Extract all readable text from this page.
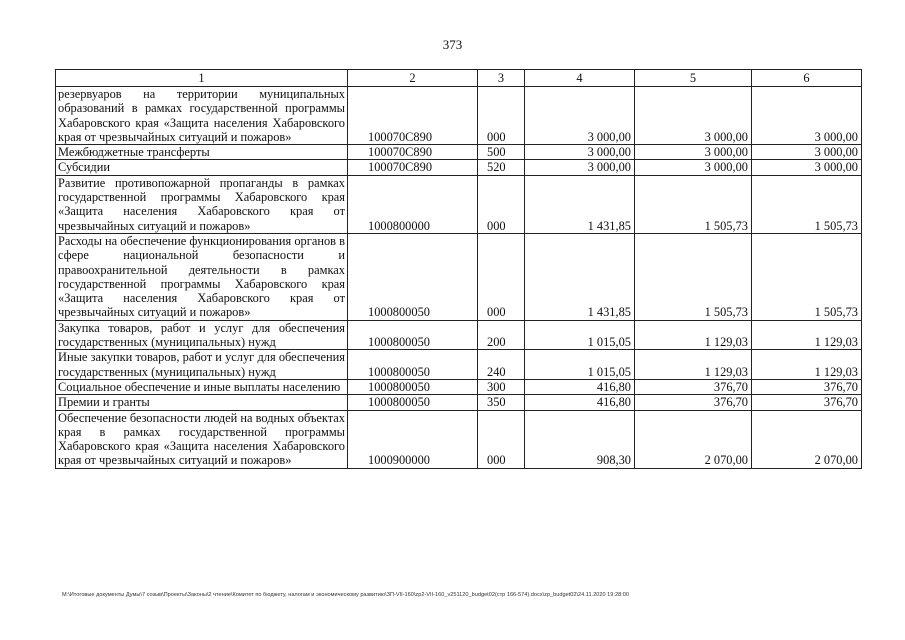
373
1	2	3	4	5	6
резервуаров на территории муниципальных образований в рамках государственной программы Хабаровского края «Защита населения Хабаровского края от чрезвычайных ситуаций и пожаров»	100070С890	000	3 000,00	3 000,00	3 000,00
Межбюджетные трансферты	100070С890	500	3 000,00	3 000,00	3 000,00
Субсидии	100070С890	520	3 000,00	3 000,00	3 000,00
Развитие противопожарной пропаганды в рамках государственной программы Хабаровского края «Защита населения Хабаровского края от чрезвычайных ситуаций и пожаров»	1000800000	000	1 431,85	1 505,73	1 505,73
Расходы на обеспечение функционирования органов в сфере национальной безопасности и правоохранительной деятельности в рамках государственной программы Хабаровского края «Защита населения Хабаровского края от чрезвычайных ситуаций и пожаров»	1000800050	000	1 431,85	1 505,73	1 505,73
Закупка товаров, работ и услуг для обеспечения государственных (муниципальных) нужд	1000800050	200	1 015,05	1 129,03	1 129,03
Иные закупки товаров, работ и услуг для обеспечения государственных (муниципальных) нужд	1000800050	240	1 015,05	1 129,03	1 129,03
Социальное обеспечение и иные выплаты населению	1000800050	300	416,80	376,70	376,70
Премии и гранты	1000800050	350	416,80	376,70	376,70
Обеспечение безопасности людей на водных объектах края в рамках государственной программы Хабаровского края «Защита населения Хабаровского края от чрезвычайных ситуаций и пожаров»	1000900000	000	908,30	2 070,00	2 070,00
M:\Итоговые документы Думы\7 созыв\Проекты\Законы\2 чтение\Комитет по бюджету, налогам и экономическому развитию\ЗП-VII-160\zp2-VII-160_v251120_budget02(стр 166-574).docx\zp_budget02\24.11.2020 19:28:00
